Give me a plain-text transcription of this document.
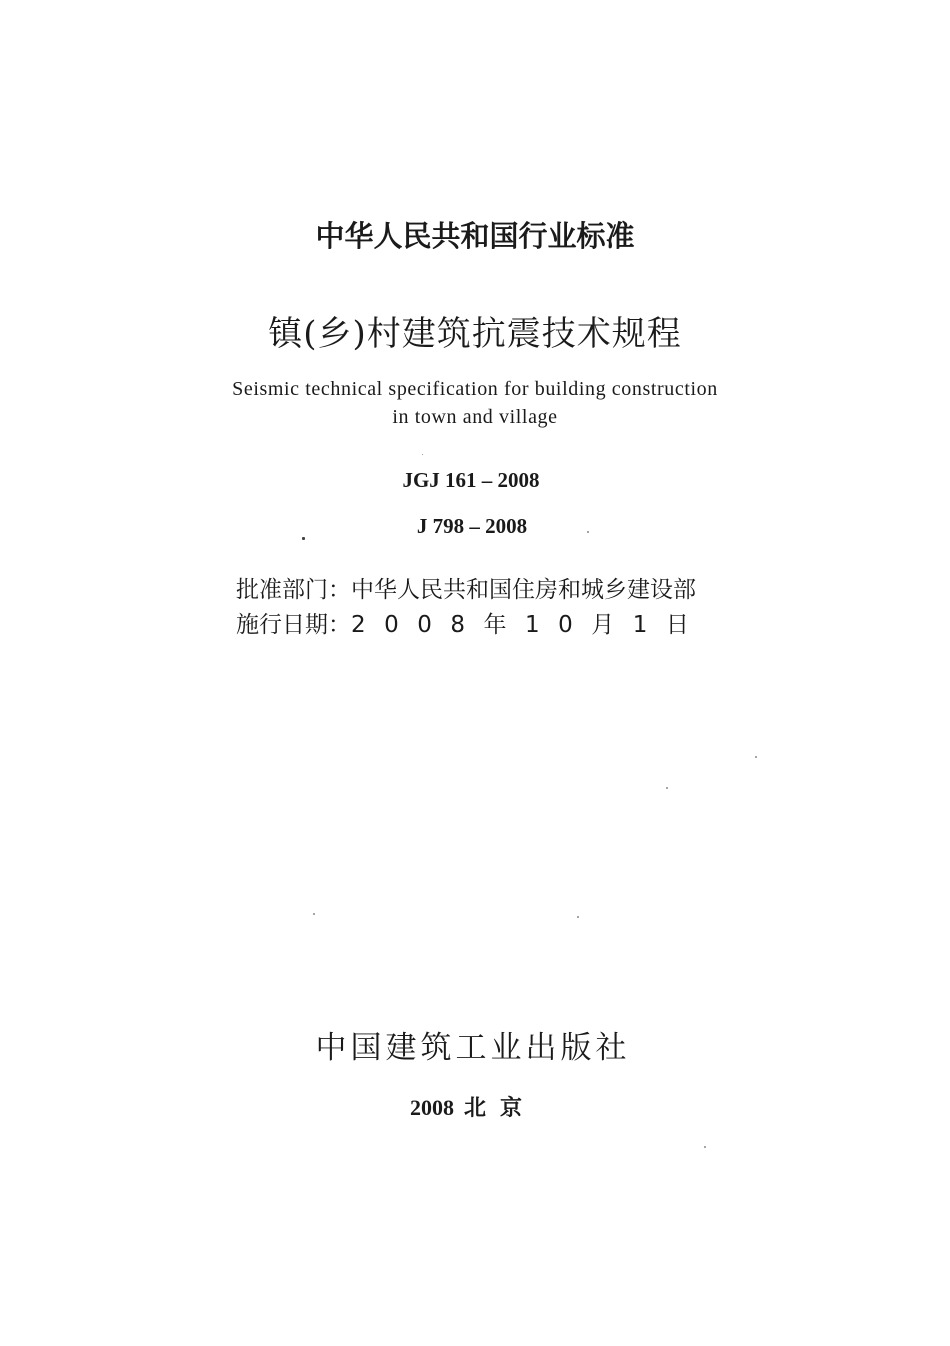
中华人民共和国行业标准
镇(乡)村建筑抗震技术规程
Seismic technical specification for building construction
in town and village
JGJ 161 – 2008
J 798 – 2008
批准部门：中华人民共和国住房和城乡建设部
施行日期：2008年10月1日
中国建筑工业出版社
2008 北京
